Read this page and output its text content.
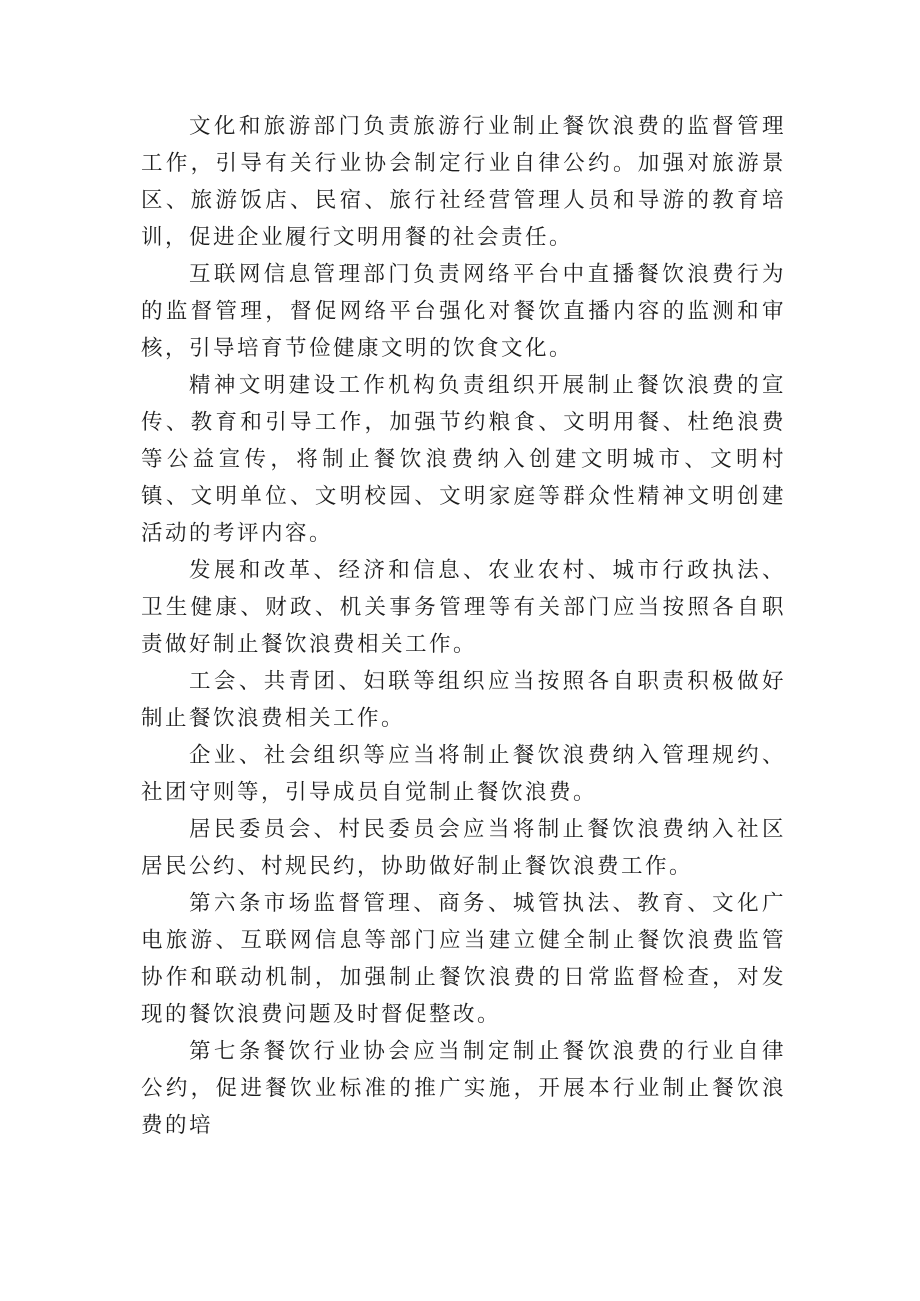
文化和旅游部门负责旅游行业制止餐饮浪费的监督管理工作，引导有关行业协会制定行业自律公约。加强对旅游景区、旅游饭店、民宿、旅行社经营管理人员和导游的教育培训，促进企业履行文明用餐的社会责任。

互联网信息管理部门负责网络平台中直播餐饮浪费行为的监督管理，督促网络平台强化对餐饮直播内容的监测和审核，引导培育节俭健康文明的饮食文化。

精神文明建设工作机构负责组织开展制止餐饮浪费的宣传、教育和引导工作，加强节约粮食、文明用餐、杜绝浪费等公益宣传，将制止餐饮浪费纳入创建文明城市、文明村镇、文明单位、文明校园、文明家庭等群众性精神文明创建活动的考评内容。

发展和改革、经济和信息、农业农村、城市行政执法、卫生健康、财政、机关事务管理等有关部门应当按照各自职责做好制止餐饮浪费相关工作。

工会、共青团、妇联等组织应当按照各自职责积极做好制止餐饮浪费相关工作。

企业、社会组织等应当将制止餐饮浪费纳入管理规约、社团守则等，引导成员自觉制止餐饮浪费。

居民委员会、村民委员会应当将制止餐饮浪费纳入社区居民公约、村规民约，协助做好制止餐饮浪费工作。

第六条市场监督管理、商务、城管执法、教育、文化广电旅游、互联网信息等部门应当建立健全制止餐饮浪费监管协作和联动机制，加强制止餐饮浪费的日常监督检查，对发现的餐饮浪费问题及时督促整改。

第七条餐饮行业协会应当制定制止餐饮浪费的行业自律公约，促进餐饮业标准的推广实施，开展本行业制止餐饮浪费的培
